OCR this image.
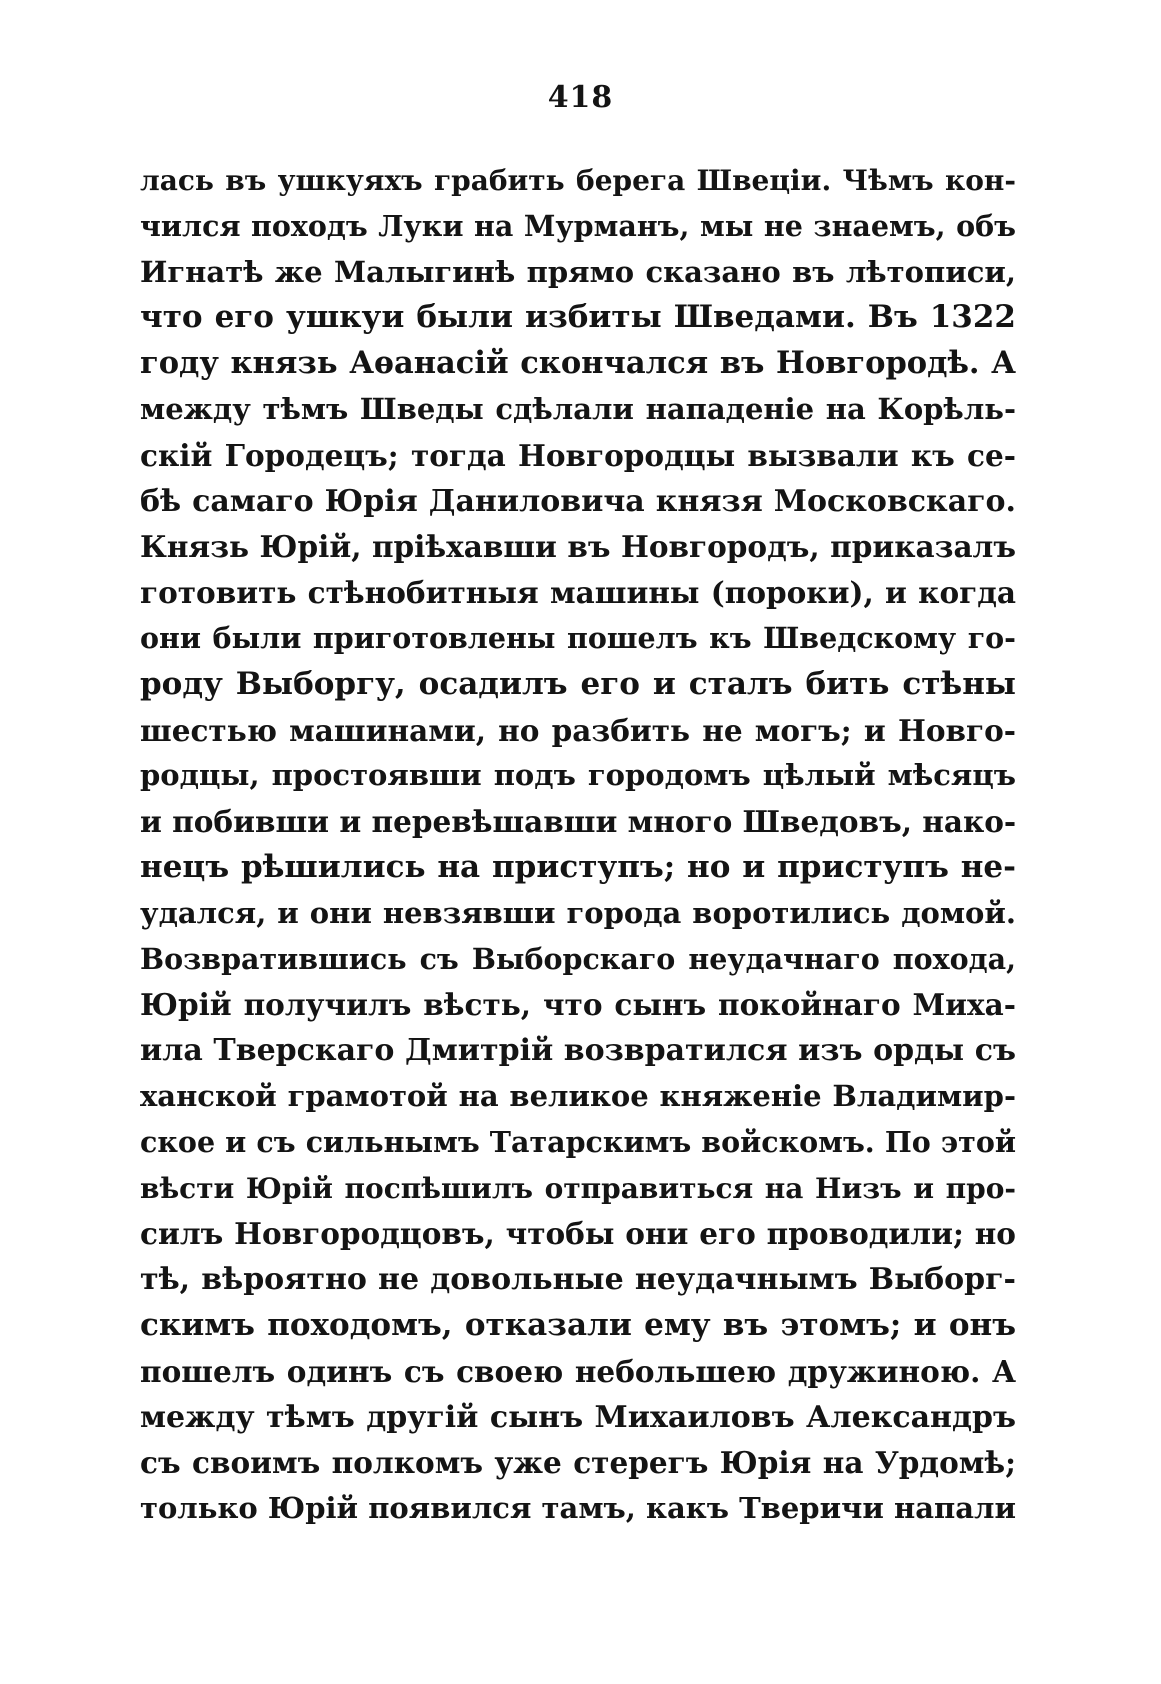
418
лась въ ушкуяхъ грабить берега Швеціи. Чѣмъ кон-
чился походъ Луки на Мурманъ, мы не знаемъ, объ
Игнатѣ же Малыгинѣ прямо сказано въ лѣтописи,
что его ушкуи были избиты Шведами. Въ 1322
году князь Аѳанасій скончался въ Новгородѣ. А
между тѣмъ Шведы сдѣлали нападеніе на Корѣль-
скій Городецъ; тогда Новгородцы вызвали къ се-
бѣ самаго Юрія Даниловича князя Московскаго.
Князь Юрій, пріѣхавши въ Новгородъ, приказалъ
готовить стѣнобитныя машины (пороки), и когда
они были приготовлены пошелъ къ Шведскому го-
роду Выборгу, осадилъ его и сталъ бить стѣны
шестью машинами, но разбить не могъ; и Новго-
родцы, простоявши подъ городомъ цѣлый мѣсяцъ
и побивши и перевѣшавши много Шведовъ, нако-
нецъ рѣшились на приступъ; но и приступъ не-
удался, и они невзявши города воротились домой.
Возвратившись съ Выборскаго неудачнаго похода,
Юрій получилъ вѣсть, что сынъ покойнаго Миха-
ила Тверскаго Дмитрій возвратился изъ орды съ
ханской грамотой на великое княженіе Владимир-
ское и съ сильнымъ Татарскимъ войскомъ. По этой
вѣсти Юрій поспѣшилъ отправиться на Низъ и про-
силъ Новгородцовъ, чтобы они его проводили; но
тѣ, вѣроятно не довольные неудачнымъ Выборг-
скимъ походомъ, отказали ему въ этомъ; и онъ
пошелъ одинъ съ своею небольшею дружиною. А
между тѣмъ другій сынъ Михаиловъ Александръ
съ своимъ полкомъ уже стерегъ Юрія на Урдомѣ;
только Юрій появился тамъ, какъ Тверичи напали
